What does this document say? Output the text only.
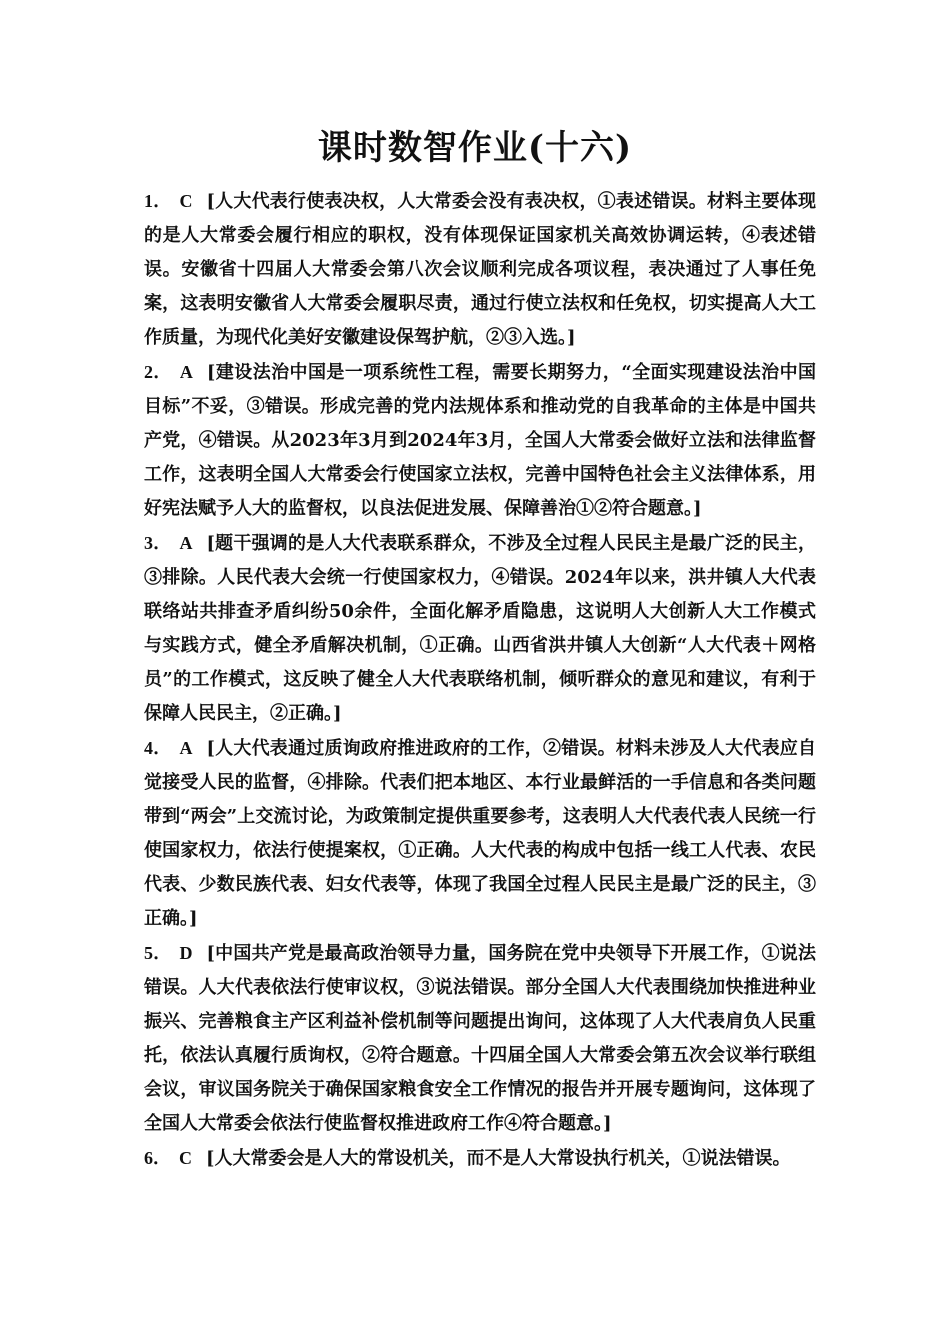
课时数智作业(十六)

1． C [人大代表行使表决权，人大常委会没有表决权，①表述错误。材料主要体现的是人大常委会履行相应的职权，没有体现保证国家机关高效协调运转，④表述错误。安徽省十四届人大常委会第八次会议顺利完成各项议程，表决通过了人事任免案，这表明安徽省人大常委会履职尽责，通过行使立法权和任免权，切实提高人大工作质量，为现代化美好安徽建设保驾护航，②③入选。]

2． A [建设法治中国是一项系统性工程，需要长期努力，“全面实现建设法治中国目标”不妥，③错误。形成完善的党内法规体系和推动党的自我革命的主体是中国共产党，④错误。从2023年3月到2024年3月，全国人大常委会做好立法和法律监督工作，这表明全国人大常委会行使国家立法权，完善中国特色社会主义法律体系，用好宪法赋予人大的监督权，以良法促进发展、保障善治①②符合题意。]

3． A [题干强调的是人大代表联系群众，不涉及全过程人民民主是最广泛的民主，③排除。人民代表大会统一行使国家权力，④错误。2024年以来，洪井镇人大代表联络站共排查矛盾纠纷50余件，全面化解矛盾隐患，这说明人大创新人大工作模式与实践方式，健全矛盾解决机制，①正确。山西省洪井镇人大创新“人大代表＋网格员”的工作模式，这反映了健全人大代表联络机制，倾听群众的意见和建议，有利于保障人民民主，②正确。]

4． A [人大代表通过质询政府推进政府的工作，②错误。材料未涉及人大代表应自觉接受人民的监督，④排除。代表们把本地区、本行业最鲜活的一手信息和各类问题带到“两会”上交流讨论，为政策制定提供重要参考，这表明人大代表代表人民统一行使国家权力，依法行使提案权，①正确。人大代表的构成中包括一线工人代表、农民代表、少数民族代表、妇女代表等，体现了我国全过程人民民主是最广泛的民主，③正确。]

5． D [中国共产党是最高政治领导力量，国务院在党中央领导下开展工作，①说法错误。人大代表依法行使审议权，③说法错误。部分全国人大代表围绕加快推进种业振兴、完善粮食主产区利益补偿机制等问题提出询问，这体现了人大代表肩负人民重托，依法认真履行质询权，②符合题意。十四届全国人大常委会第五次会议举行联组会议，审议国务院关于确保国家粮食安全工作情况的报告并开展专题询问，这体现了全国人大常委会依法行使监督权推进政府工作④符合题意。]

6． C [人大常委会是人大的常设机关，而不是人大常设执行机关，①说法错误。
